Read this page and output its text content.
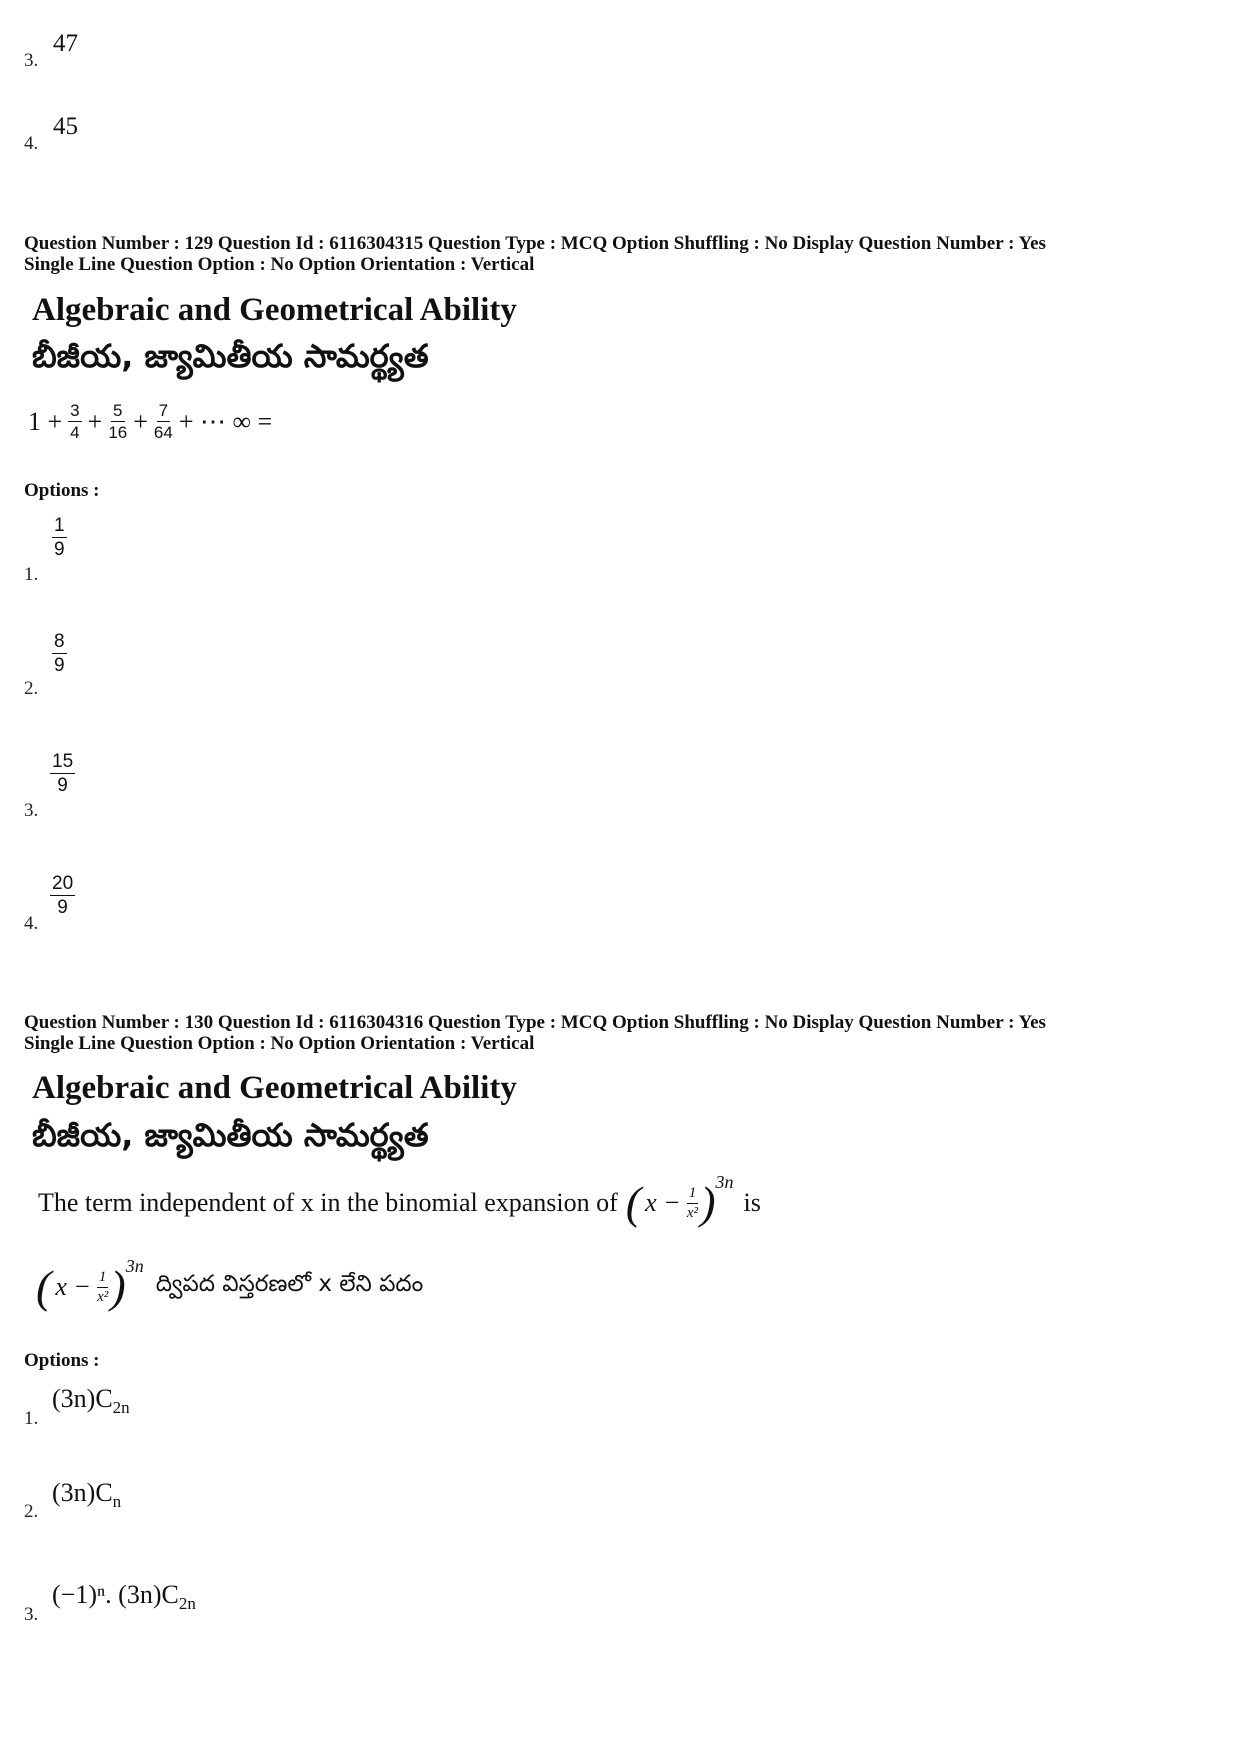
3.
47
4.
45
Question Number : 129 Question Id : 6116304315 Question Type : MCQ Option Shuffling : No Display Question Number : Yes
Single Line Question Option : No Option Orientation : Vertical
Algebraic and Geometrical Ability
బీజీయ, జ్యామితీయ సామర్థ్యత
$1 + \frac{3}{4} + \frac{5}{16} + \frac{7}{64}$ + ⋯ ∞ =
Options :
1.
$\frac{1}{9}$
2.
$\frac{8}{9}$
3.
$\frac{15}{9}$
4.
$\frac{20}{9}$
Question Number : 130 Question Id : 6116304316 Question Type : MCQ Option Shuffling : No Display Question Number : Yes
Single Line Question Option : No Option Orientation : Vertical
Algebraic and Geometrical Ability
బీజీయ, జ్యామితీయ సామర్థ్యత
The term independent of x in the binomial expansion of ( $x - \frac{1}{\text{x²}}$ ) 3n
is
( $x - \frac{1}{\text{x²}}$ ) 3n
ద్విపద విస్తరణలో x లేని పదం
Options :
1.
$(3n)C_{2n}$
2.
$(3n)C_n$
3.
(−1)ⁿ. $(3n)C_{2n}$
